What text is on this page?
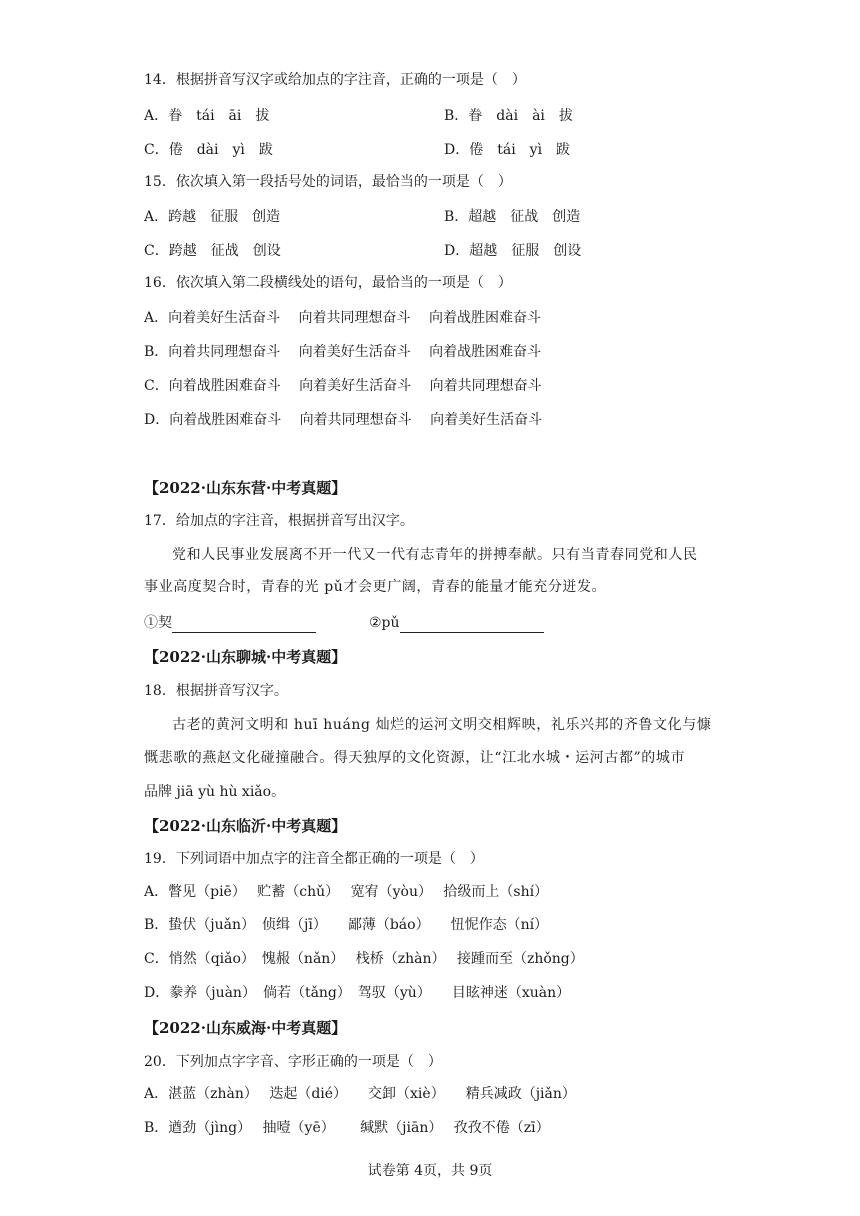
14．根据拼音写汉字或给加点的字注音，正确的一项是（　）
A．眷　tái　āi　拔	B．眷　dài　ài　拔
C．倦　dài　yì　跋	D．倦　tái　yì　跋
15．依次填入第一段括号处的词语，最恰当的一项是（　）
A．跨越　征服　创造	B．超越　征战　创造
C．跨越　征战　创设	D．超越　征服　创设
16．依次填入第二段横线处的语句，最恰当的一项是（　）
A．向着美好生活奋斗　 向着共同理想奋斗　 向着战胜困难奋斗
B．向着共同理想奋斗　 向着美好生活奋斗　 向着战胜困难奋斗
C．向着战胜困难奋斗　 向着美好生活奋斗　 向着共同理想奋斗
D．向着战胜困难奋斗　 向着共同理想奋斗　 向着美好生活奋斗
【2022·山东东营·中考真题】
17．给加点的字注音，根据拼音写出汉字。
党和人民事业发展离不开一代又一代有志青年的拼搏奉献。只有当青春同党和人民
事业高度契合时，青春的光 pǔ才会更广阔，青春的能量才能充分迸发。
①契	②pǔ
【2022·山东聊城·中考真题】
18．根据拼音写汉字。
古老的黄河文明和 huī huáng 灿烂的运河文明交相辉映，礼乐兴邦的齐鲁文化与慷
慨悲歌的燕赵文化碰撞融合。得天独厚的文化资源，让“江北水城・运河古都”的城市
品牌 jiā yù hù xiǎo。
【2022·山东临沂·中考真题】
19．下列词语中加点字的注音全都正确的一项是（　）
A．瞥见（piē）　 贮蓄（chǔ）　 宽宥（yòu）　 拾级而上（shí）
B．蛰伏（juǎn）　侦缉（jī）　　鄙薄（báo）　　忸怩作态（ní）
C．悄然（qiǎo）　愧赧（nǎn）　 栈桥（zhàn）　 接踵而至（zhǒng）
D．豢养（juàn）　倘若（tǎng）　驾驭（yù）　　目眩神迷（xuàn）
【2022·山东威海·中考真题】
20．下列加点字字音、字形正确的一项是（　）
A．湛蓝（zhàn）　 迭起（dié）　　交卸（xiè）　　精兵减政（jiǎn）
B．遒劲（jìng）　 抽噎（yē）　　 缄默（jiān）　 孜孜不倦（zī）
试卷第 4页，共 9页
